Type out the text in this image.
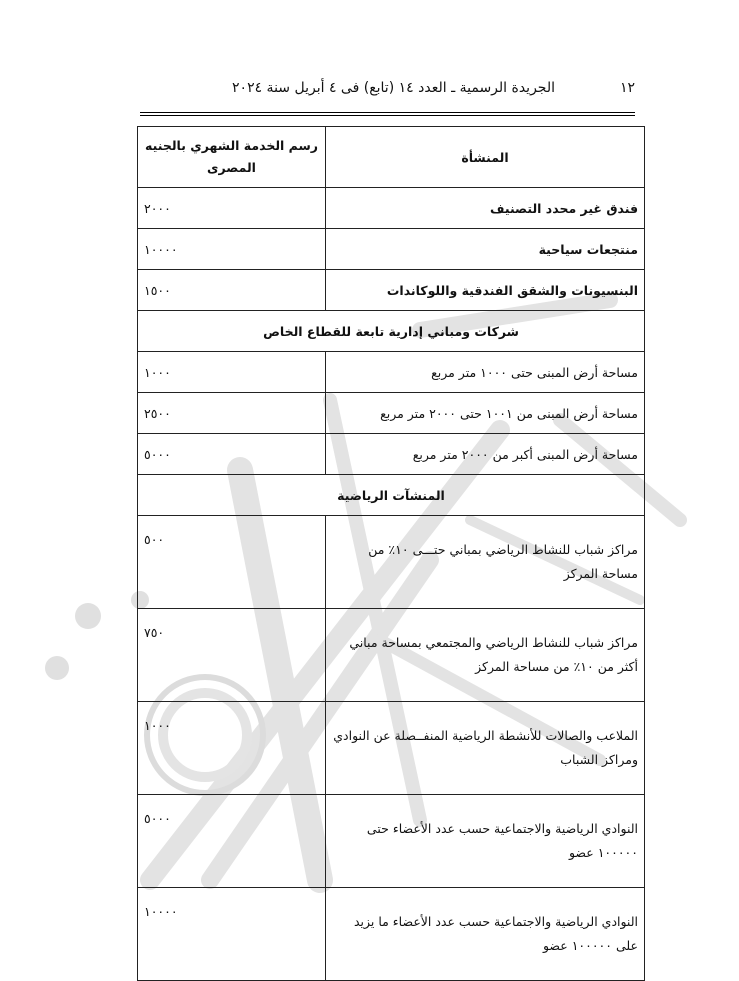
١٢
الجريدة الرسمية ـ العدد ١٤ (تابع) فى ٤ أبريل سنة ٢٠٢٤
المنشأة	رسم الخدمة الشهري بالجنيه المصرى
فندق غير محدد التصنيف	٢٠٠٠
منتجعات سياحية	١٠٠٠٠
البنسيونات والشقق الفندقية واللوكاندات	١٥٠٠
شركات ومباني إدارية تابعة للقطاع الخاص	
مساحة أرض المبنى حتى ١٠٠٠ متر مربع	١٠٠٠
مساحة أرض المبنى من ١٠٠١ حتى ٢٠٠٠ متر مربع	٢٥٠٠
مساحة أرض المبنى أكبر من ٢٠٠٠ متر مربع	٥٠٠٠
المنشآت الرياضية	
مراكز شباب للنشاط الرياضي بمباني حتـــى ١٠٪ من مساحة المركز	٥٠٠
مراكز شباب للنشاط الرياضي والمجتمعي بمساحة مباني أكثر من ١٠٪ من مساحة المركز	٧٥٠
الملاعب والصالات للأنشطة الرياضية المنفــصلة عن النوادي ومراكز الشباب	١٠٠٠
النوادي الرياضية والاجتماعية حسب عدد الأعضاء حتى ١٠٠٠٠٠ عضو	٥٠٠٠
النوادي الرياضية والاجتماعية حسب عدد الأعضاء ما يزيد على ١٠٠٠٠٠ عضو	١٠٠٠٠
